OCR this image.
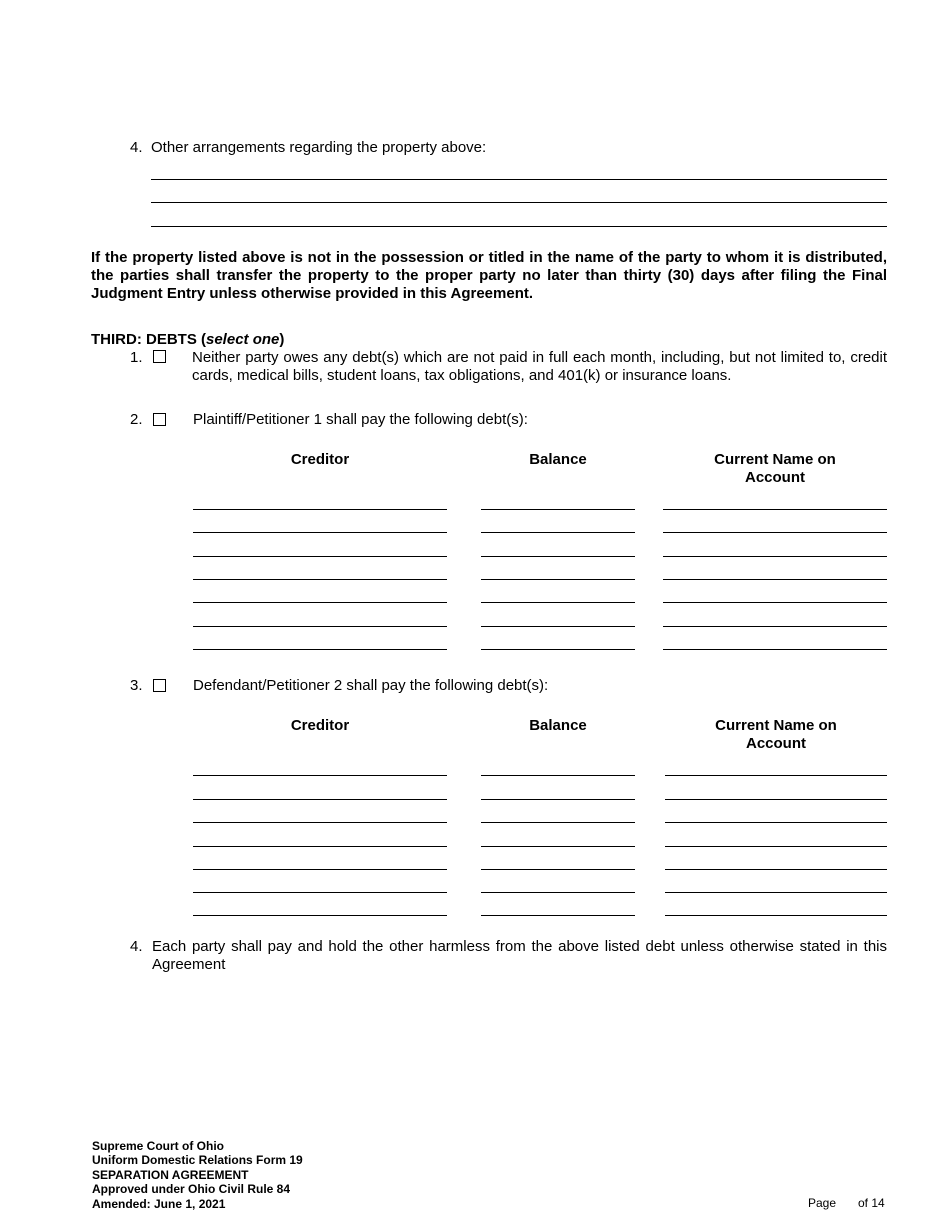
4. Other arrangements regarding the property above:
If the property listed above is not in the possession or titled in the name of the party to whom it is distributed, the parties shall transfer the property to the proper party no later than thirty (30) days after filing the Final Judgment Entry unless otherwise provided in this Agreement.
THIRD: DEBTS (select one)
1.	Neither party owes any debt(s) which are not paid in full each month, including, but not limited to, credit cards, medical bills, student loans, tax obligations, and 401(k) or insurance loans.
2.	Plaintiff/Petitioner 1 shall pay the following debt(s):
Creditor	Balance	Current Name on Account
3.	Defendant/Petitioner 2 shall pay the following debt(s):
Creditor	Balance	Current Name on Account
4. Each party shall pay and hold the other harmless from the above listed debt unless otherwise stated in this Agreement
Supreme Court of Ohio
Uniform Domestic Relations Form 19
SEPARATION AGREEMENT
Approved under Ohio Civil Rule 84
Amended: June 1, 2021	Page of 14
